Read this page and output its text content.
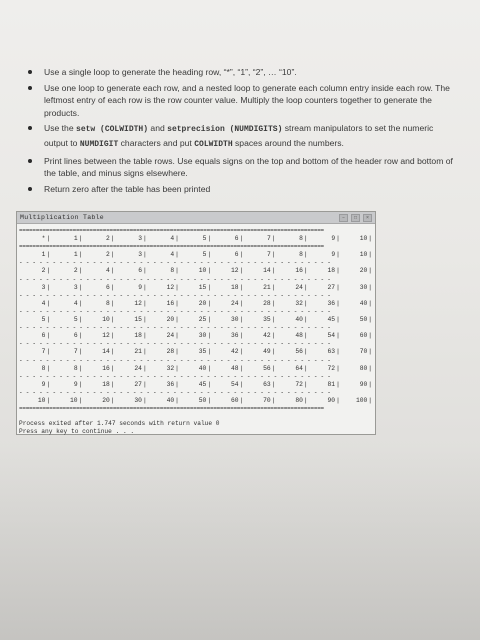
Use a single loop to generate the heading row, “*”, “1”, “2”, … “10”.
Use one loop to generate each row, and a nested loop to generate each column entry inside each row. The leftmost entry of each row is the row counter value. Multiply the loop counters together to generate the products.
Use the setw (COLWIDTH) and setprecision (NUMDIGITS) stream manipulators to set the numeric output to NUMDIGIT characters and put COLWIDTH spaces around the numbers.
Print lines between the table rows. Use equals signs on the top and bottom of the header row and bottom of the table, and minus signs elsewhere.
Return zero after the table has been printed
Multiplication Table	–	□	×
===========================================================================================
* |	1 |	2 |	3 |	4 |	5 |	6 |	7 |	8 |	9 |	10 |
===========================================================================================
1 |	1 |	2 |	3 |	4 |	5 |	6 |	7 |	8 |	9 |	10 |
- - - - - - - - - - - - - - - - - - - - - - - - - - - - - - - - - - - - - - - - - - - - - - -
2 |	2 |	4 |	6 |	8 |	10 |	12 |	14 |	16 |	18 |	20 |
- - - - - - - - - - - - - - - - - - - - - - - - - - - - - - - - - - - - - - - - - - - - - - -
3 |	3 |	6 |	9 |	12 |	15 |	18 |	21 |	24 |	27 |	30 |
- - - - - - - - - - - - - - - - - - - - - - - - - - - - - - - - - - - - - - - - - - - - - - -
4 |	4 |	8 |	12 |	16 |	20 |	24 |	28 |	32 |	36 |	40 |
- - - - - - - - - - - - - - - - - - - - - - - - - - - - - - - - - - - - - - - - - - - - - - -
5 |	5 |	10 |	15 |	20 |	25 |	30 |	35 |	40 |	45 |	50 |
- - - - - - - - - - - - - - - - - - - - - - - - - - - - - - - - - - - - - - - - - - - - - - -
6 |	6 |	12 |	18 |	24 |	30 |	36 |	42 |	48 |	54 |	60 |
- - - - - - - - - - - - - - - - - - - - - - - - - - - - - - - - - - - - - - - - - - - - - - -
7 |	7 |	14 |	21 |	28 |	35 |	42 |	49 |	56 |	63 |	70 |
- - - - - - - - - - - - - - - - - - - - - - - - - - - - - - - - - - - - - - - - - - - - - - -
8 |	8 |	16 |	24 |	32 |	40 |	48 |	56 |	64 |	72 |	80 |
- - - - - - - - - - - - - - - - - - - - - - - - - - - - - - - - - - - - - - - - - - - - - - -
9 |	9 |	18 |	27 |	36 |	45 |	54 |	63 |	72 |	81 |	90 |
- - - - - - - - - - - - - - - - - - - - - - - - - - - - - - - - - - - - - - - - - - - - - - -
10 |	10 |	20 |	30 |	40 |	50 |	60 |	70 |	80 |	90 |	100 |
===========================================================================================
Process exited after 1.747 seconds with return value 0
Press any key to continue . . .
